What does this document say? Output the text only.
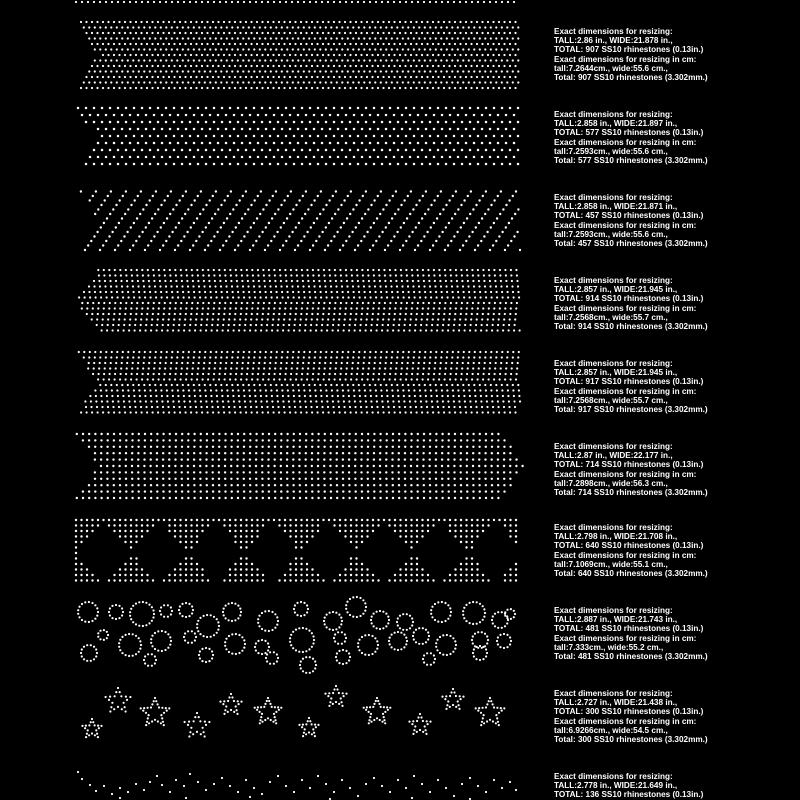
Exact dimensions for resizing:
TALL:2.86 in., WIDE:21.878 in.,
TOTAL: 907 SS10 rhinestones (0.13in.)
Exact dimensions for resizing in cm:
tall:7.2644cm., wide:55.6 cm.,
Total: 907 SS10 rhinestones (3.302mm.)
Exact dimensions for resizing:
TALL:2.858 in., WIDE:21.897 in.,
TOTAL: 577 SS10 rhinestones (0.13in.)
Exact dimensions for resizing in cm:
tall:7.2593cm., wide:55.6 cm.,
Total: 577 SS10 rhinestones (3.302mm.)
Exact dimensions for resizing:
TALL:2.858 in., WIDE:21.871 in.,
TOTAL: 457 SS10 rhinestones (0.13in.)
Exact dimensions for resizing in cm:
tall:7.2593cm., wide:55.6 cm.,
Total: 457 SS10 rhinestones (3.302mm.)
Exact dimensions for resizing:
TALL:2.857 in., WIDE:21.945 in.,
TOTAL: 914 SS10 rhinestones (0.13in.)
Exact dimensions for resizing in cm:
tall:7.2568cm., wide:55.7 cm.,
Total: 914 SS10 rhinestones (3.302mm.)
Exact dimensions for resizing:
TALL:2.857 in., WIDE:21.945 in.,
TOTAL: 917 SS10 rhinestones (0.13in.)
Exact dimensions for resizing in cm:
tall:7.2568cm., wide:55.7 cm.,
Total: 917 SS10 rhinestones (3.302mm.)
Exact dimensions for resizing:
TALL:2.87 in., WIDE:22.177 in.,
TOTAL: 714 SS10 rhinestones (0.13in.)
Exact dimensions for resizing in cm:
tall:7.2898cm., wide:56.3 cm.,
Total: 714 SS10 rhinestones (3.302mm.)
Exact dimensions for resizing:
TALL:2.798 in., WIDE:21.708 in.,
TOTAL: 640 SS10 rhinestones (0.13in.)
Exact dimensions for resizing in cm:
tall:7.1069cm., wide:55.1 cm.,
Total: 640 SS10 rhinestones (3.302mm.)
Exact dimensions for resizing:
TALL:2.887 in., WIDE:21.743 in.,
TOTAL: 481 SS10 rhinestones (0.13in.)
Exact dimensions for resizing in cm:
tall:7.333cm., wide:55.2 cm.,
Total: 481 SS10 rhinestones (3.302mm.)
Exact dimensions for resizing:
TALL:2.727 in., WIDE:21.438 in.,
TOTAL: 300 SS10 rhinestones (0.13in.)
Exact dimensions for resizing in cm:
tall:6.9266cm., wide:54.5 cm.,
Total: 300 SS10 rhinestones (3.302mm.)
Exact dimensions for resizing:
TALL:2.778 in., WIDE:21.649 in.,
TOTAL: 136 SS10 rhinestones (0.13in.)
